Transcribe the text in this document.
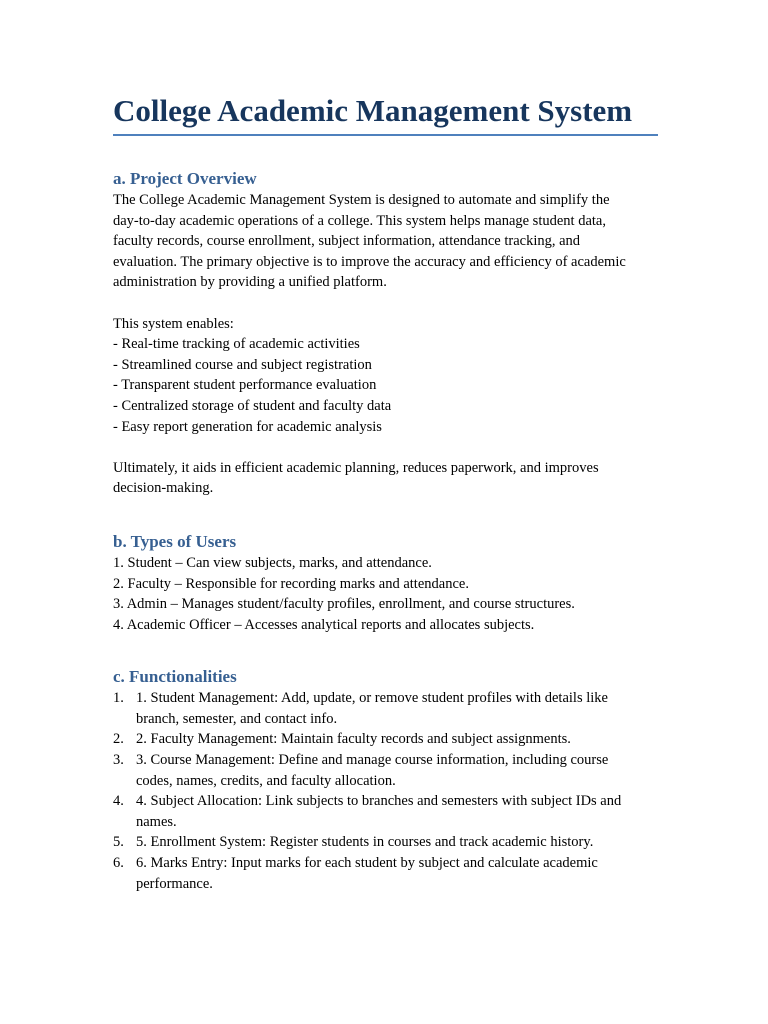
College Academic Management System
a. Project Overview
The College Academic Management System is designed to automate and simplify the
day-to-day academic operations of a college. This system helps manage student data,
faculty records, course enrollment, subject information, attendance tracking, and
evaluation. The primary objective is to improve the accuracy and efficiency of academic
administration by providing a unified platform.
This system enables:
- Real-time tracking of academic activities
- Streamlined course and subject registration
- Transparent student performance evaluation
- Centralized storage of student and faculty data
- Easy report generation for academic analysis
Ultimately, it aids in efficient academic planning, reduces paperwork, and improves
decision-making.
b. Types of Users
1. Student – Can view subjects, marks, and attendance.
2. Faculty – Responsible for recording marks and attendance.
3. Admin – Manages student/faculty profiles, enrollment, and course structures.
4. Academic Officer – Accesses analytical reports and allocates subjects.
c. Functionalities
1. 1. Student Management: Add, update, or remove student profiles with details like
branch, semester, and contact info.
2. 2. Faculty Management: Maintain faculty records and subject assignments.
3. 3. Course Management: Define and manage course information, including course
codes, names, credits, and faculty allocation.
4. 4. Subject Allocation: Link subjects to branches and semesters with subject IDs and
names.
5. 5. Enrollment System: Register students in courses and track academic history.
6. 6. Marks Entry: Input marks for each student by subject and calculate academic
performance.
